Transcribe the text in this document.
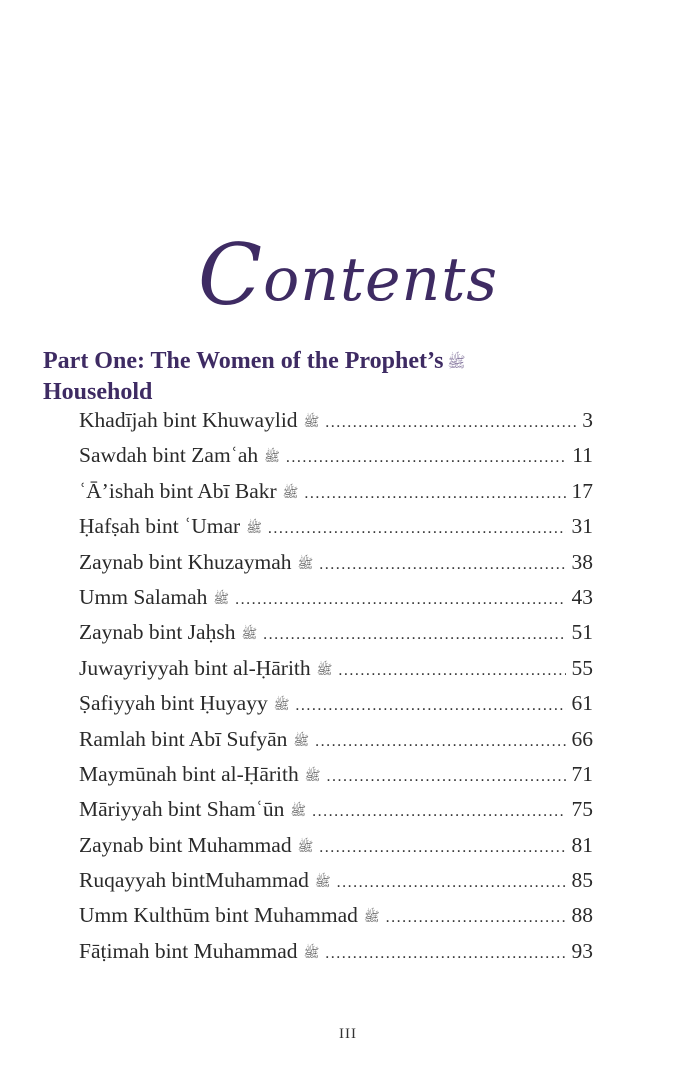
Contents
Part One: The Women of the Prophet’s ﷺ
Household
Khadījah bint Khuwaylid ﷺ .....	3
Sawdah bint Zamʿah ﷺ .....	11
ʿĀ’ishah bint Abī Bakr ﷺ .....	17
Ḥafṣah bint ʿUmar ﷺ .....	31
Zaynab bint Khuzaymah ﷺ .....	38
Umm Salamah ﷺ .....	43
Zaynab bint Jaḥsh ﷺ .....	51
Juwayriyyah bint al-Ḥārith ﷺ .....	55
Ṣafiyyah bint Ḥuyayy ﷺ .....	61
Ramlah bint Abī Sufyān ﷺ .....	66
Maymūnah bint al-Ḥārith ﷺ .....	71
Māriyyah bint Shamʿūn ﷺ .....	75
Zaynab bint Muhammad ﷺ .....	81
Ruqayyah bintMuhammad ﷺ .....	85
Umm Kulthūm bint Muhammad ﷺ .....	88
Fāṭimah bint Muhammad ﷺ .....	93
III
